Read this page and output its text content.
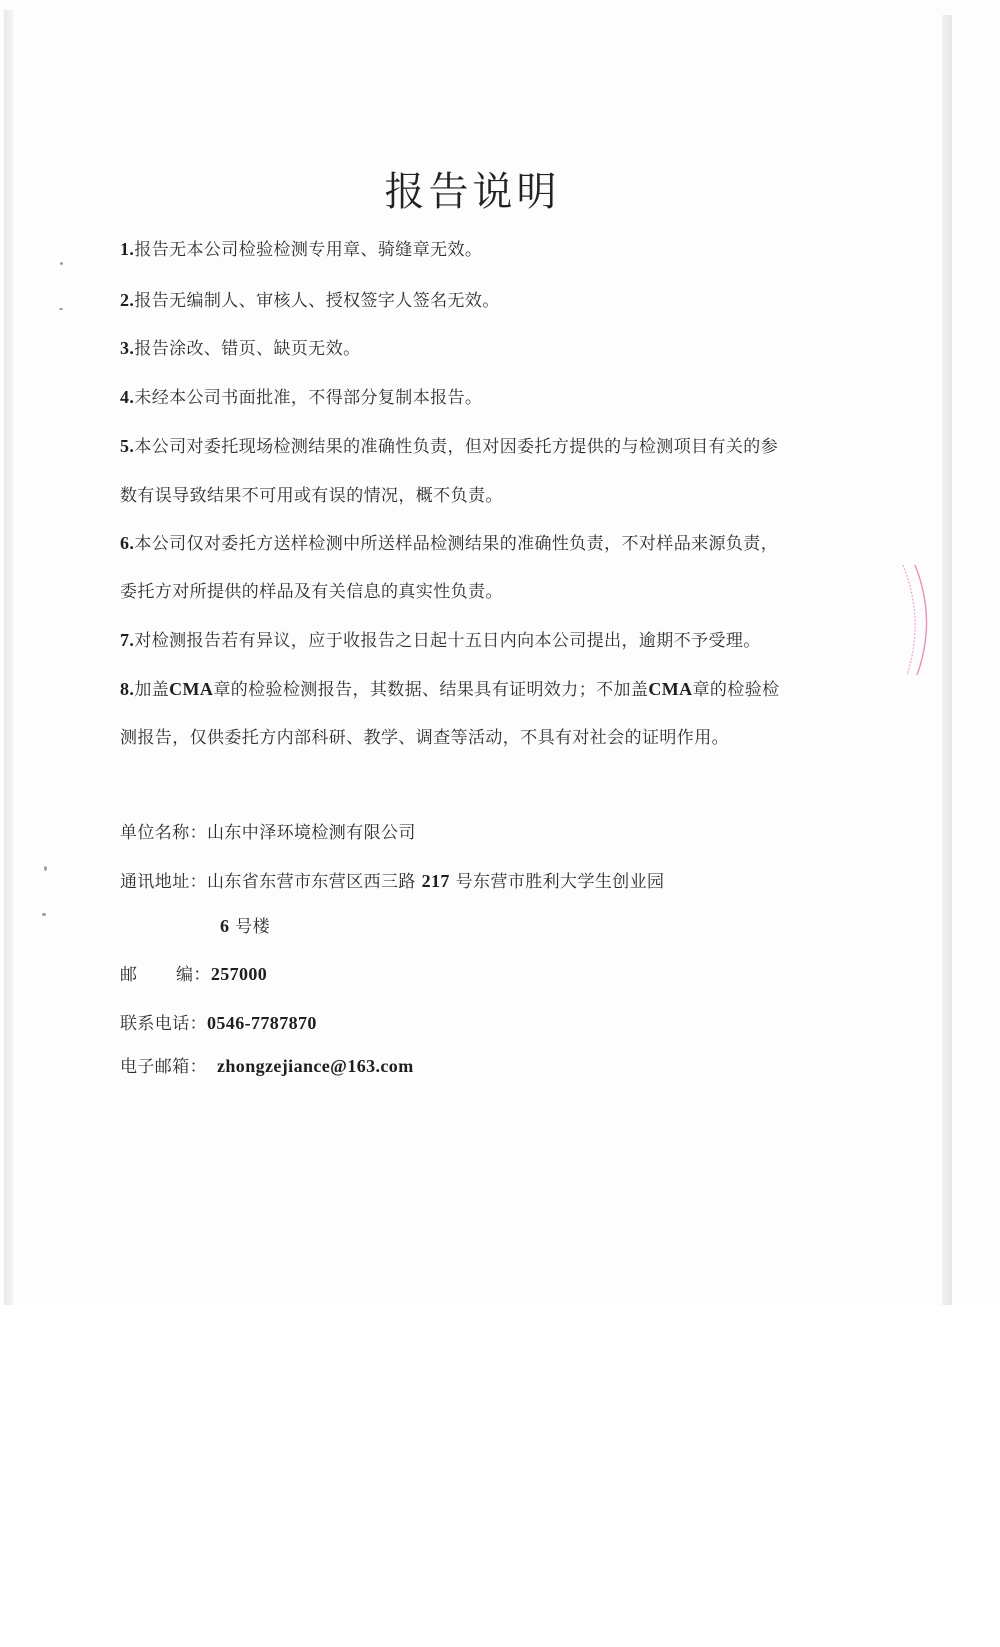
报告说明
1.报告无本公司检验检测专用章、骑缝章无效。
2.报告无编制人、审核人、授权签字人签名无效。
3.报告涂改、错页、缺页无效。
4.未经本公司书面批准，不得部分复制本报告。
5.本公司对委托现场检测结果的准确性负责，但对因委托方提供的与检测项目有关的参
数有误导致结果不可用或有误的情况，概不负责。
6.本公司仅对委托方送样检测中所送样品检测结果的准确性负责，不对样品来源负责，
委托方对所提供的样品及有关信息的真实性负责。
7.对检测报告若有异议，应于收报告之日起十五日内向本公司提出，逾期不予受理。
8.加盖CMA章的检验检测报告，其数据、结果具有证明效力；不加盖CMA章的检验检
测报告，仅供委托方内部科研、教学、调查等活动，不具有对社会的证明作用。
单位名称：山东中泽环境检测有限公司
通讯地址：山东省东营市东营区西三路 217 号东营市胜利大学生创业园
6 号楼
邮 编：257000
联系电话：0546-7787870
电子邮箱： zhongzejiance@163.com
